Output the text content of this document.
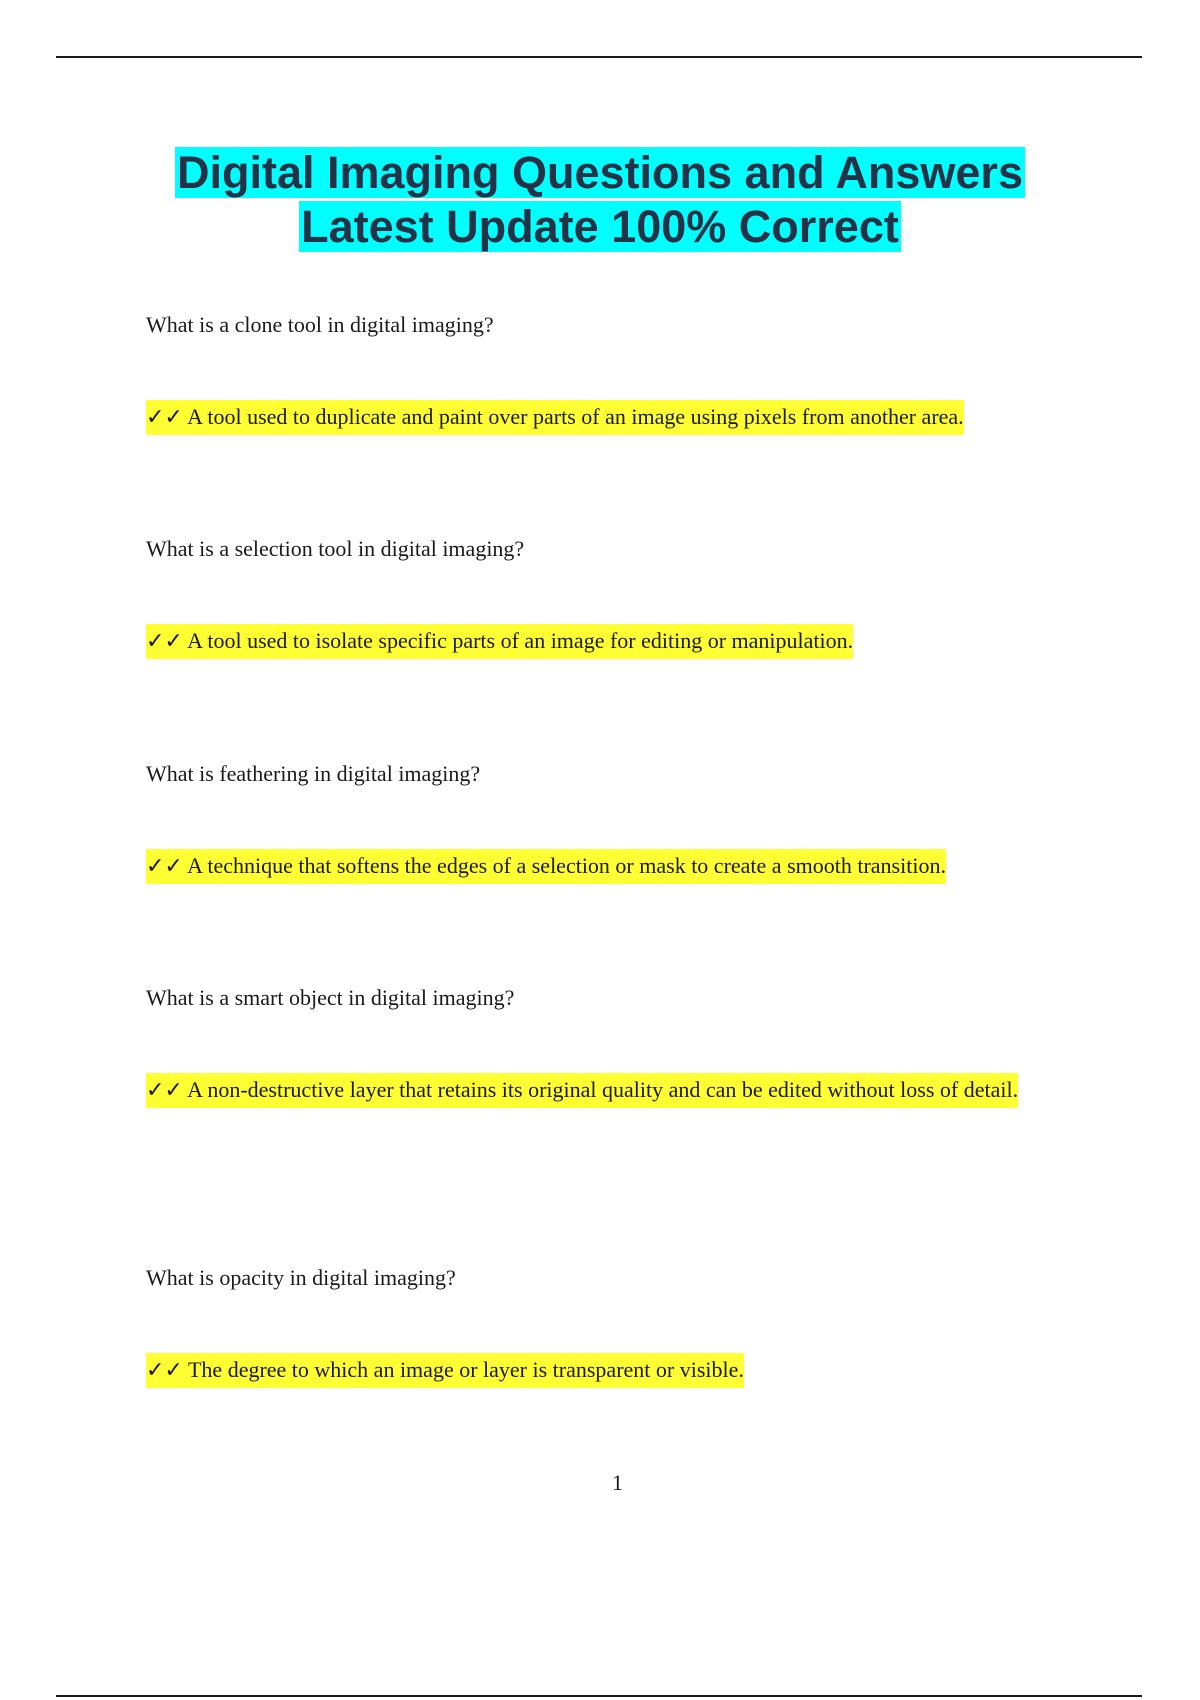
Digital Imaging Questions and Answers
Latest Update 100% Correct
What is a clone tool in digital imaging?
✓✓ A tool used to duplicate and paint over parts of an image using pixels from another area.
What is a selection tool in digital imaging?
✓✓ A tool used to isolate specific parts of an image for editing or manipulation.
What is feathering in digital imaging?
✓✓ A technique that softens the edges of a selection or mask to create a smooth transition.
What is a smart object in digital imaging?
✓✓ A non-destructive layer that retains its original quality and can be edited without loss of detail.
What is opacity in digital imaging?
✓✓ The degree to which an image or layer is transparent or visible.
1
